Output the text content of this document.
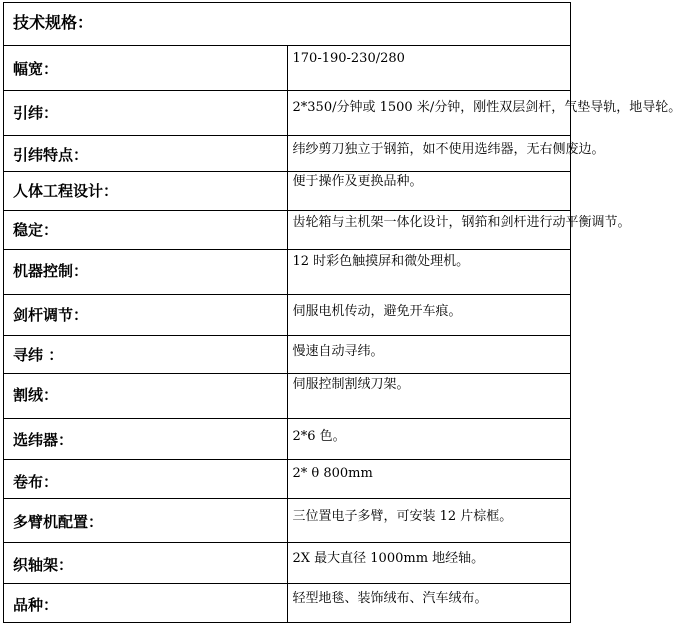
技术规格：	

幅宽：	170-190-230/280

引纬：	2*350/分钟或 1500 米/分钟，刚性双层剑杆，气垫导轨，地导轮。

引纬特点：	纬纱剪刀独立于钢筘，如不使用选纬器，无右侧废边。

人体工程设计：	便于操作及更换品种。

稳定：	齿轮箱与主机架一体化设计，钢筘和剑杆进行动平衡调节。

机器控制：	12 时彩色触摸屏和微处理机。

剑杆调节：	伺服电机传动，避免开车痕。

寻纬 ：	慢速自动寻纬。

割绒：	伺服控制割绒刀架。

选纬器：	2*6 色。

卷布：	2* θ 800mm

多臂机配置：	三位置电子多臂，可安装 12 片棕框。

织轴架：	2X 最大直径 1000mm 地经轴。

品种：	轻型地毯、装饰绒布、汽车绒布。
